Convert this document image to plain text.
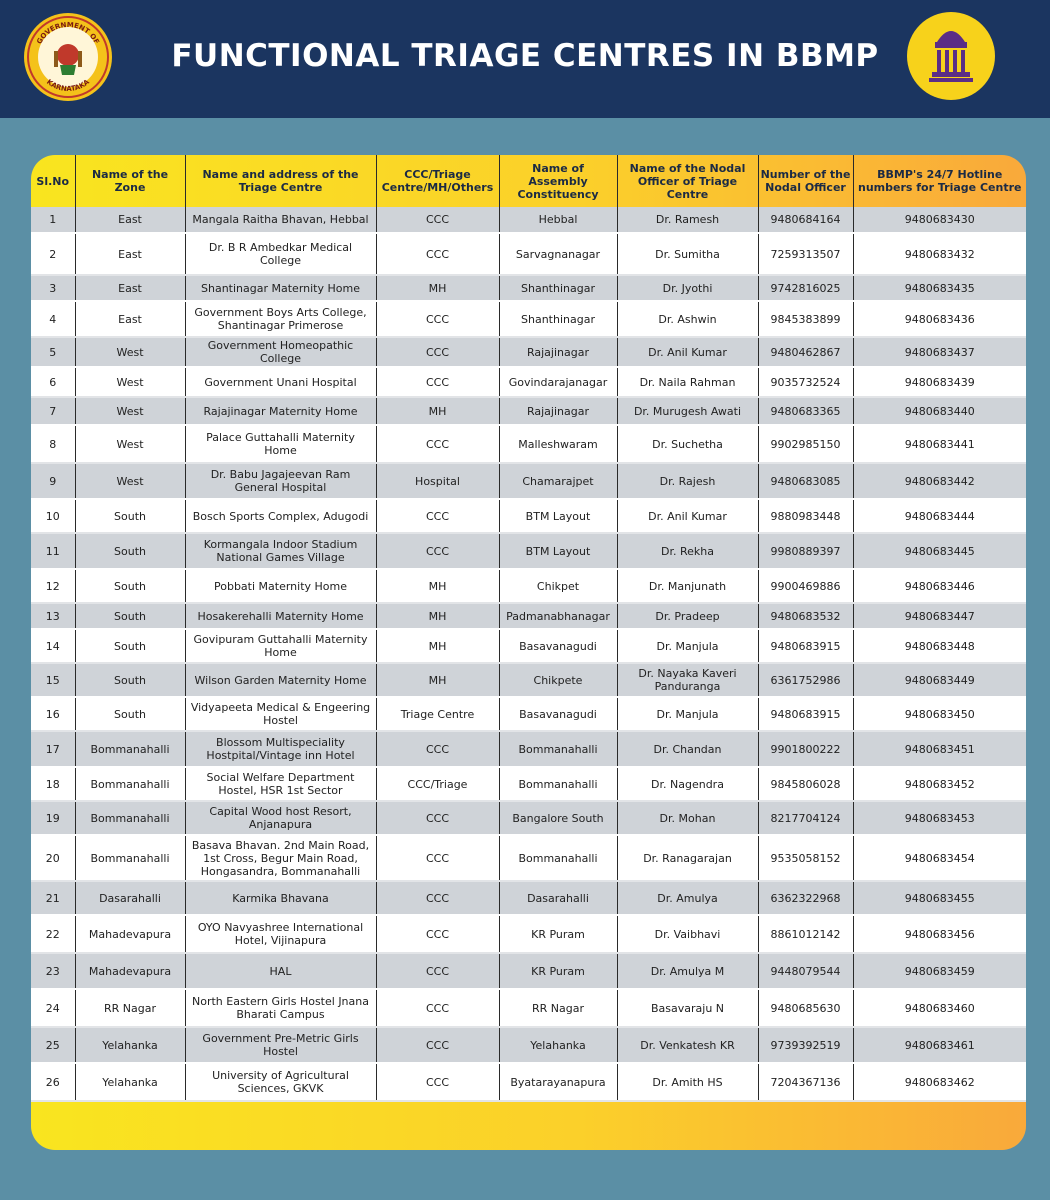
GOVERNMENT OF
KARNATAKA
FUNCTIONAL TRIAGE CENTRES IN BBMP
Sl.No	Name of the Zone	Name and address of the Triage Centre	CCC/Triage Centre/MH/Others	Name of Assembly Constituency	Name of the Nodal Officer of Triage Centre	Number of the Nodal Officer	BBMP's 24/7 Hotline numbers for Triage Centre
1	East	Mangala Raitha Bhavan, Hebbal	CCC	Hebbal	Dr. Ramesh	9480684164	9480683430
2	East	Dr. B R Ambedkar Medical College	CCC	Sarvagnanagar	Dr. Sumitha	7259313507	9480683432
3	East	Shantinagar Maternity Home	MH	Shanthinagar	Dr. Jyothi	9742816025	9480683435
4	East	Government Boys Arts College, Shantinagar Primerose	CCC	Shanthinagar	Dr. Ashwin	9845383899	9480683436
5	West	Government Homeopathic College	CCC	Rajajinagar	Dr. Anil Kumar	9480462867	9480683437
6	West	Government Unani Hospital	CCC	Govindarajanagar	Dr. Naila Rahman	9035732524	9480683439
7	West	Rajajinagar Maternity Home	MH	Rajajinagar	Dr. Murugesh Awati	9480683365	9480683440
8	West	Palace Guttahalli Maternity Home	CCC	Malleshwaram	Dr. Suchetha	9902985150	9480683441
9	West	Dr. Babu Jagajeevan Ram General Hospital	Hospital	Chamarajpet	Dr. Rajesh	9480683085	9480683442
10	South	Bosch Sports Complex, Adugodi	CCC	BTM Layout	Dr. Anil Kumar	9880983448	9480683444
11	South	Kormangala Indoor Stadium National Games Village	CCC	BTM Layout	Dr. Rekha	9980889397	9480683445
12	South	Pobbati Maternity Home	MH	Chikpet	Dr. Manjunath	9900469886	9480683446
13	South	Hosakerehalli Maternity Home	MH	Padmanabhanagar	Dr. Pradeep	9480683532	9480683447
14	South	Govipuram Guttahalli Maternity Home	MH	Basavanagudi	Dr. Manjula	9480683915	9480683448
15	South	Wilson Garden Maternity Home	MH	Chikpete	Dr. Nayaka Kaveri Panduranga	6361752986	9480683449
16	South	Vidyapeeta Medical & Engeering Hostel	Triage Centre	Basavanagudi	Dr. Manjula	9480683915	9480683450
17	Bommanahalli	Blossom Multispeciality Hostpital/Vintage inn Hotel	CCC	Bommanahalli	Dr. Chandan	9901800222	9480683451
18	Bommanahalli	Social Welfare Department Hostel, HSR 1st Sector	CCC/Triage	Bommanahalli	Dr. Nagendra	9845806028	9480683452
19	Bommanahalli	Capital Wood host Resort, Anjanapura	CCC	Bangalore South	Dr. Mohan	8217704124	9480683453
20	Bommanahalli	Basava Bhavan. 2nd Main Road, 1st Cross, Begur Main Road, Hongasandra, Bommanahalli	CCC	Bommanahalli	Dr. Ranagarajan	9535058152	9480683454
21	Dasarahalli	Karmika Bhavana	CCC	Dasarahalli	Dr. Amulya	6362322968	9480683455
22	Mahadevapura	OYO Navyashree International Hotel, Vijinapura	CCC	KR Puram	Dr. Vaibhavi	8861012142	9480683456
23	Mahadevapura	HAL	CCC	KR Puram	Dr. Amulya M	9448079544	9480683459
24	RR Nagar	North Eastern Girls Hostel Jnana Bharati Campus	CCC	RR Nagar	Basavaraju N	9480685630	9480683460
25	Yelahanka	Government Pre-Metric Girls Hostel	CCC	Yelahanka	Dr. Venkatesh KR	9739392519	9480683461
26	Yelahanka	University of Agricultural Sciences, GKVK	CCC	Byatarayanapura	Dr. Amith HS	7204367136	9480683462
